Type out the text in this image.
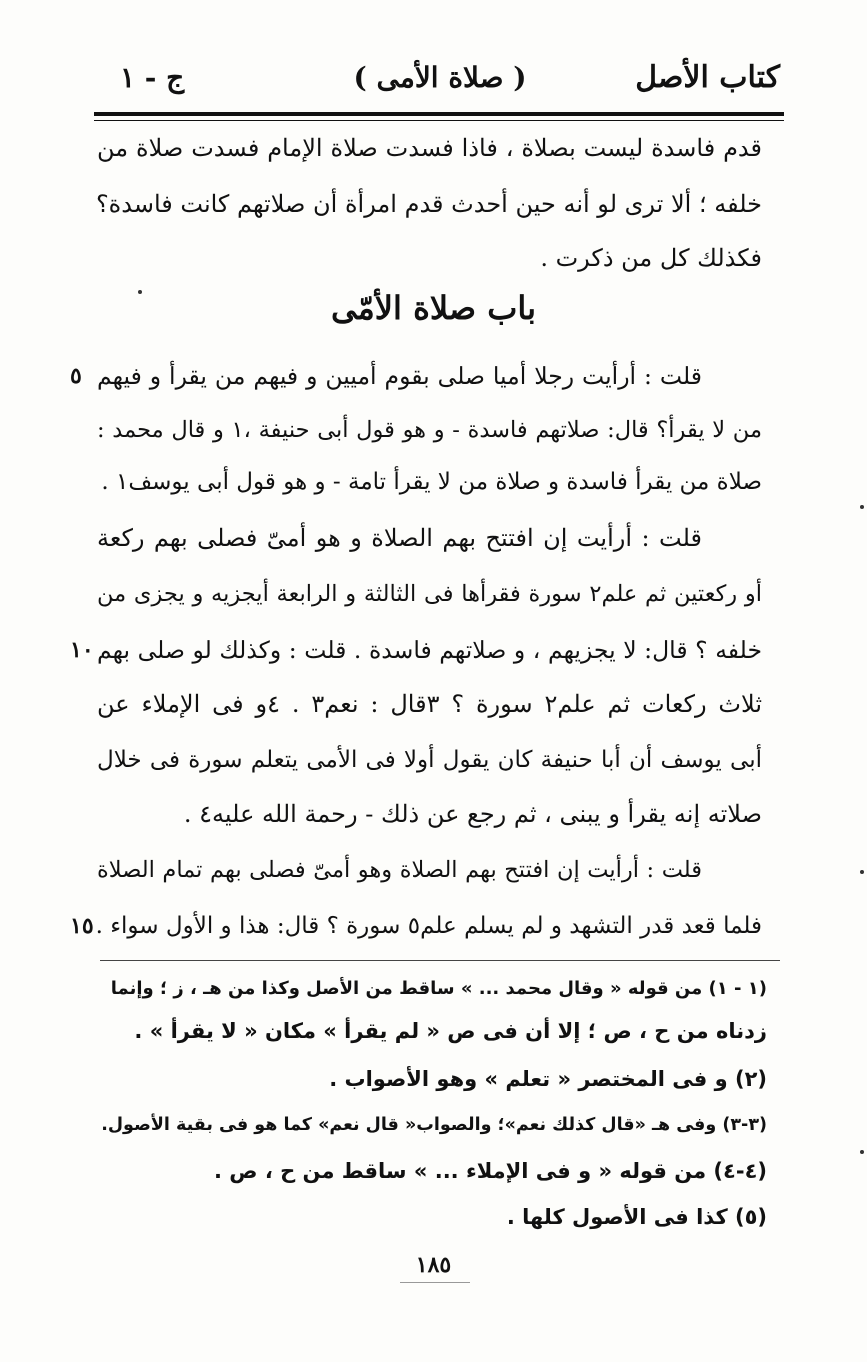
كتاب الأصل
( صلاة الأمى )
ج - ١
قدم فاسدة ليست بصلاة ، فاذا فسدت صلاة الإمام فسدت صلاة من
خلفه ؛ ألا ترى لو أنه حين أحدث قدم امرأة أن صلاتهم كانت فاسدة؟
فكذلك كل من ذكرت .
باب صلاة الأمّى
قلت : أرأيت رجلا أميا صلى بقوم أميين و فيهم من يقرأ و فيهم
من لا يقرأ؟ قال: صلاتهم فاسدة - و هو قول أبى حنيفة ،١ و قال محمد :
صلاة من يقرأ فاسدة و صلاة من لا يقرأ تامة - و هو قول أبى يوسف١ .
قلت : أرأيت إن افتتح بهم الصلاة و هو أمىّ فصلى بهم ركعة
أو ركعتين ثم علم٢ سورة فقرأها فى الثالثة و الرابعة أيجزيه و يجزى من
خلفه ؟ قال: لا يجزيهم ، و صلاتهم فاسدة . قلت : وكذلك لو صلى بهم
ثلاث ركعات ثم علم٢ سورة ؟ ٣قال : نعم٣ . ٤و فى الإملاء عن
أبى يوسف أن أبا حنيفة كان يقول أولا فى الأمى يتعلم سورة فى خلال
صلاته إنه يقرأ و يبنى ، ثم رجع عن ذلك - رحمة الله عليه٤ .
قلت : أرأيت إن افتتح بهم الصلاة وهو أمىّ فصلى بهم تمام الصلاة
فلما قعد قدر التشهد و لم يسلم علم٥ سورة ؟ قال: هذا و الأول سواء .
٥
١٠
١٥
(١ - ١) من قوله « وقال محمد ... » ساقط من الأصل وكذا من هـ ، ز ؛ وإنما
زدناه من ح ، ص ؛ إلا أن فى ص « لم يقرأ » مكان « لا يقرأ » .
(٢) و فى المختصر « تعلم » وهو الأصواب .
(٣-٣) وفى هـ «قال كذلك نعم»؛ والصواب« قال نعم» كما هو فى بقية الأصول.
(٤-٤) من قوله « و فى الإملاء ... » ساقط من ح ، ص .
(٥) كذا فى الأصول كلها .
١٨٥
